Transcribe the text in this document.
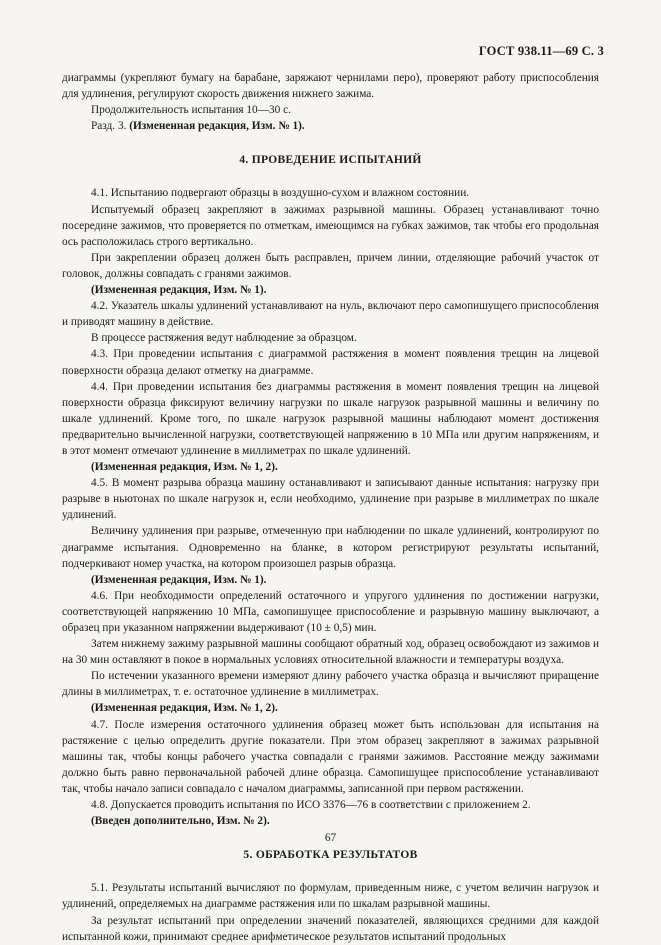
ГОСТ 938.11—69 С. 3

диаграммы (укрепляют бумагу на барабане, заряжают чернилами перо), проверяют работу приспособления для удлинения, регулируют скорость движения нижнего зажима.

Продолжительность испытания 10—30 с.

Разд. 3. (Измененная редакция, Изм. № 1).

4. ПРОВЕДЕНИЕ ИСПЫТАНИЙ

4.1. Испытанию подвергают образцы в воздушно-сухом и влажном состоянии.

Испытуемый образец закрепляют в зажимах разрывной машины. Образец устанавливают точно посередине зажимов, что проверяется по отметкам, имеющимся на губках зажимов, так чтобы его продольная ось расположилась строго вертикально.

При закреплении образец должен быть расправлен, причем линии, отделяющие рабочий участок от головок, должны совпадать с гранями зажимов.

(Измененная редакция, Изм. № 1).

4.2. Указатель шкалы удлинений устанавливают на нуль, включают перо самопишущего приспособления и приводят машину в действие.

В процессе растяжения ведут наблюдение за образцом.

4.3. При проведении испытания с диаграммой растяжения в момент появления трещин на лицевой поверхности образца делают отметку на диаграмме.

4.4. При проведении испытания без диаграммы растяжения в момент появления трещин на лицевой поверхности образца фиксируют величину нагрузки по шкале нагрузок разрывной машины и величину по шкале удлинений. Кроме того, по шкале нагрузок разрывной машины наблюдают момент достижения предварительно вычисленной нагрузки, соответствующей напряжению в 10 МПа или другим напряжениям, и в этот момент отмечают удлинение в миллиметрах по шкале удлинений.

(Измененная редакция, Изм. № 1, 2).

4.5. В момент разрыва образца машину останавливают и записывают данные испытания: нагрузку при разрыве в ньютонах по шкале нагрузок и, если необходимо, удлинение при разрыве в миллиметрах по шкале удлинений.

Величину удлинения при разрыве, отмеченную при наблюдении по шкале удлинений, контролируют по диаграмме испытания. Одновременно на бланке, в котором регистрируют результаты испытаний, подчеркивают номер участка, на котором произошел разрыв образца.

(Измененная редакция, Изм. № 1).

4.6. При необходимости определений остаточного и упругого удлинения по достижении нагрузки, соответствующей напряжению 10 МПа, самопишущее приспособление и разрывную машину выключают, а образец при указанном напряжении выдерживают (10 ± 0,5) мин.

Затем нижнему зажиму разрывной машины сообщают обратный ход, образец освобождают из зажимов и на 30 мин оставляют в покое в нормальных условиях относительной влажности и температуры воздуха.

По истечении указанного времени измеряют длину рабочего участка образца и вычисляют приращение длины в миллиметрах, т. е. остаточное удлинение в миллиметрах.

(Измененная редакция, Изм. № 1, 2).

4.7. После измерения остаточного удлинения образец может быть использован для испытания на растяжение с целью определить другие показатели. При этом образец закрепляют в зажимах разрывной машины так, чтобы концы рабочего участка совпадали с гранями зажимов. Расстояние между зажимами должно быть равно первоначальной рабочей длине образца. Самопишущее приспособление устанавливают так, чтобы начало записи совпадало с началом диаграммы, записанной при первом растяжении.

4.8. Допускается проводить испытания по ИСО 3376—76 в соответствии с приложением 2.

(Введен дополнительно, Изм. № 2).

5. ОБРАБОТКА РЕЗУЛЬТАТОВ

5.1. Результаты испытаний вычисляют по формулам, приведенным ниже, с учетом величин нагрузок и удлинений, определяемых на диаграмме растяжения или по шкалам разрывной машины.

За результат испытаний при определении значений показателей, являющихся средними для каждой испытанной кожи, принимают среднее арифметическое результатов испытаний продольных

67
